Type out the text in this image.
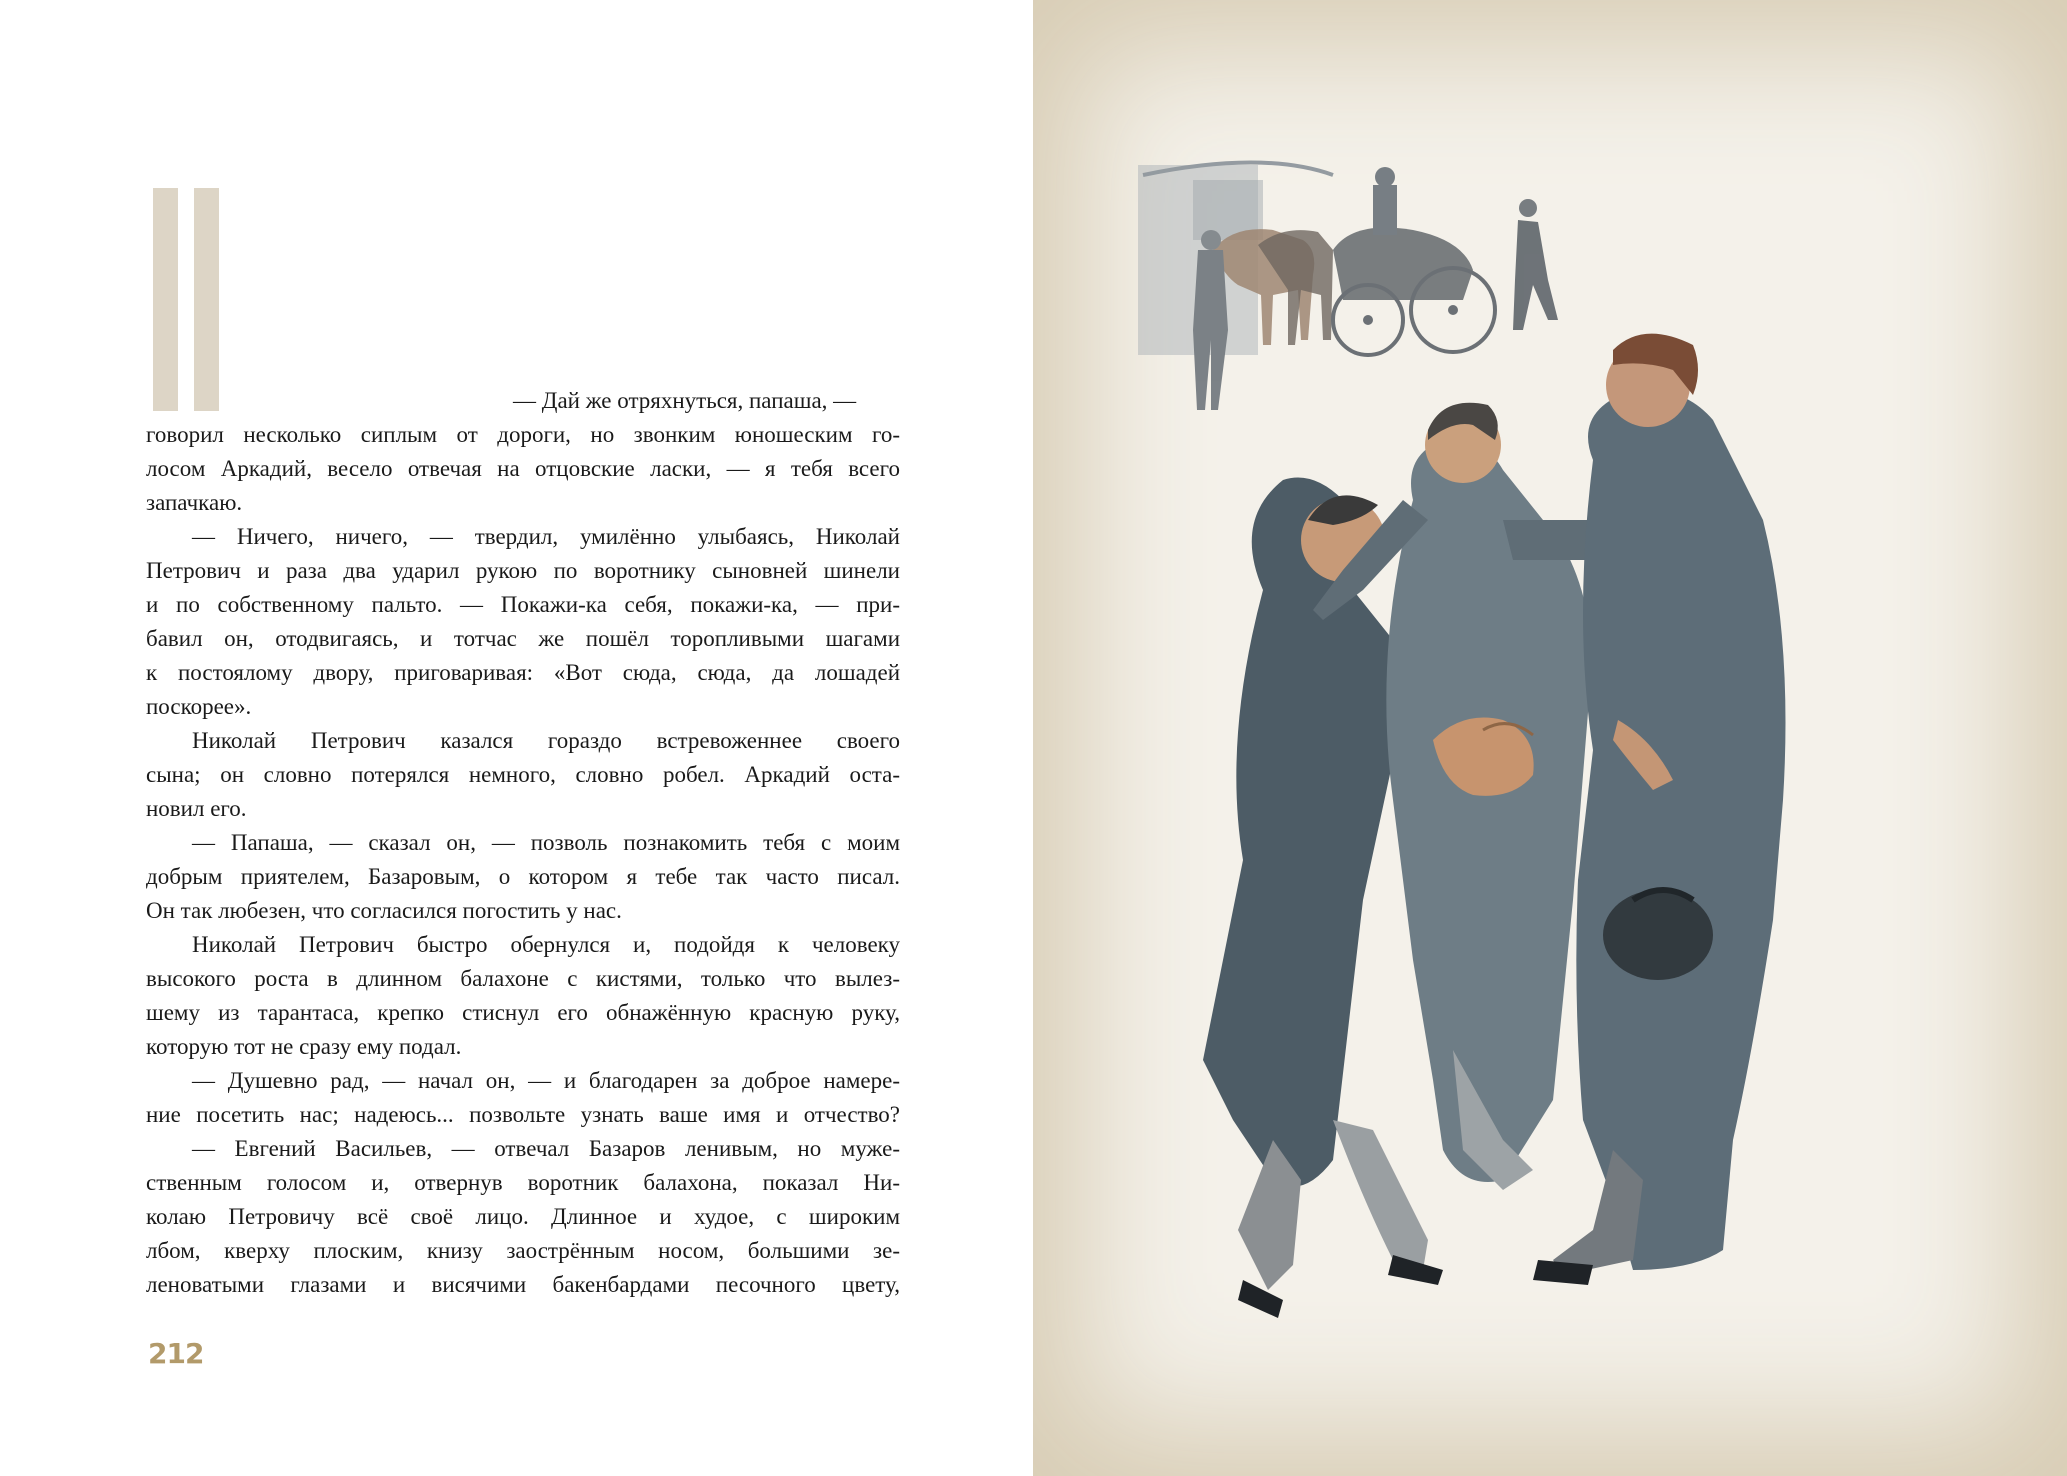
— Дай же отряхнуться, папаша, —
говорил несколько сиплым от дороги, но звонким юношеским го-
лосом Аркадий, весело отвечая на отцовские ласки, — я тебя всего
запачкаю.
— Ничего, ничего, — твердил, умилённо улыбаясь, Николай
Петрович и раза два ударил рукою по воротнику сыновней шинели
и по собственному пальто. — Покажи-ка себя, покажи-ка, — при-
бавил он, отодвигаясь, и тотчас же пошёл торопливыми шагами
к постоялому двору, приговаривая: «Вот сюда, сюда, да лошадей
поскорее».
Николай Петрович казался гораздо встревоженнее своего
сына; он словно потерялся немного, словно робел. Аркадий оста-
новил его.
— Папаша, — сказал он, — позволь познакомить тебя с моим
добрым приятелем, Базаровым, о котором я тебе так часто писал.
Он так любезен, что согласился погостить у нас.
Николай Петрович быстро обернулся и, подойдя к человеку
высокого роста в длинном балахоне с кистями, только что вылез-
шему из тарантаса, крепко стиснул его обнажённую красную руку,
которую тот не сразу ему подал.
— Душевно рад, — начал он, — и благодарен за доброе намере-
ние посетить нас; надеюсь... позвольте узнать ваше имя и отчество?
— Евгений Васильев, — отвечал Базаров ленивым, но муже-
ственным голосом и, отвернув воротник балахона, показал Ни-
колаю Петровичу всё своё лицо. Длинное и худое, с широким
лбом, кверху плоским, книзу заострённым носом, большими зе-
леноватыми глазами и висячими бакенбардами песочного цвету,
212
